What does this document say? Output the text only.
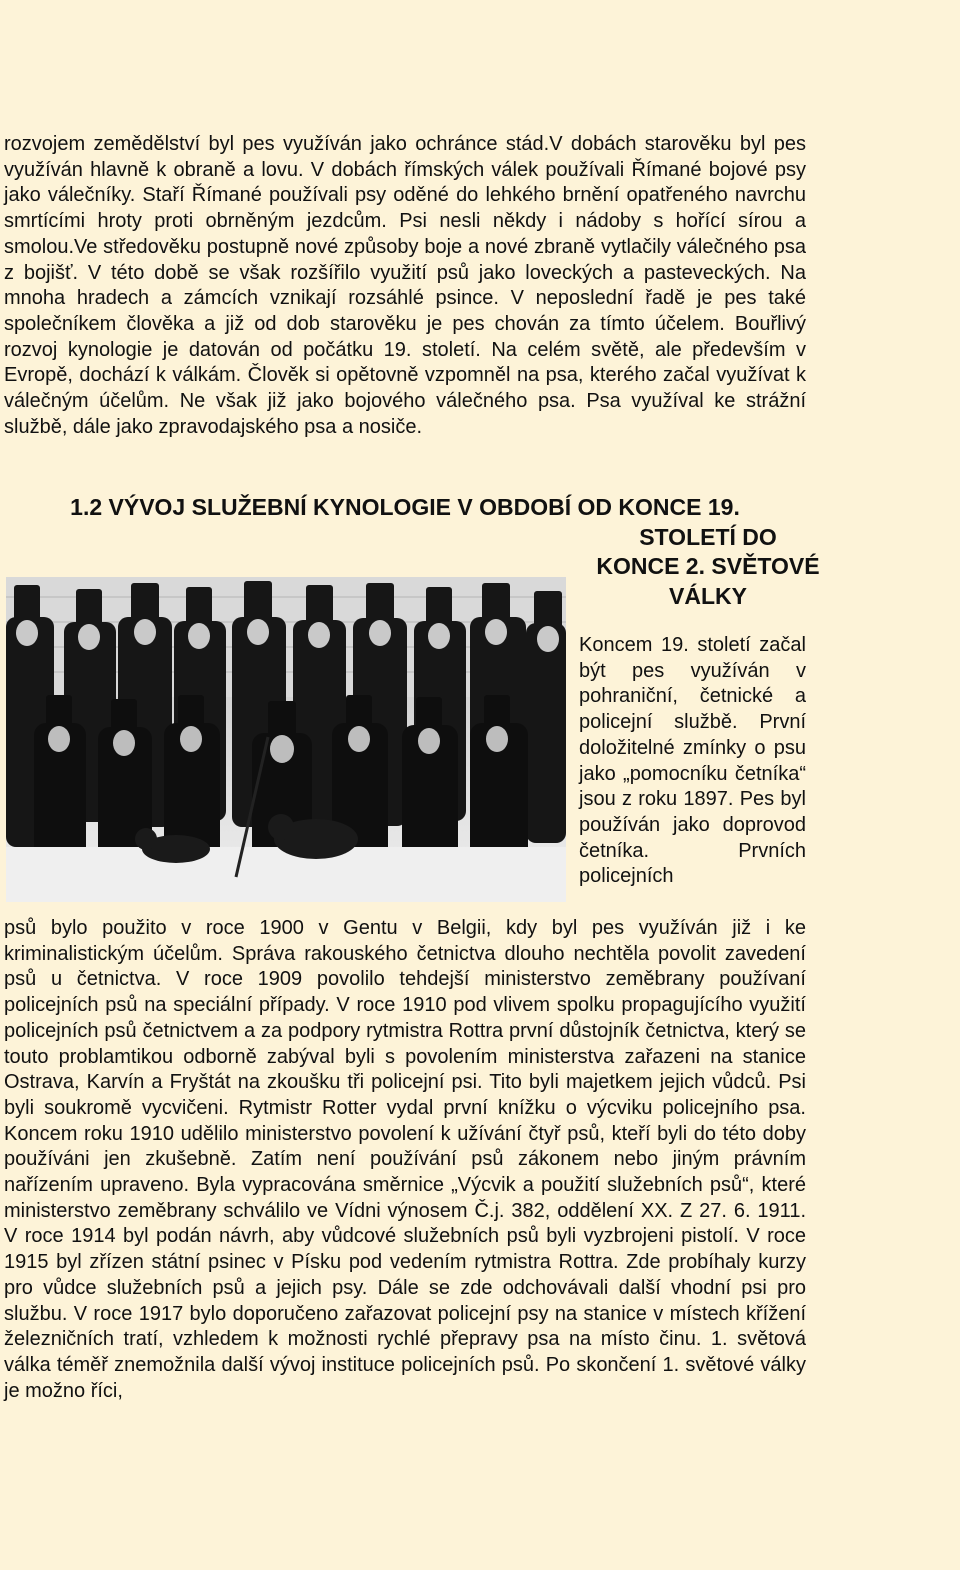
rozvojem zemědělství byl pes využíván jako ochránce stád.V dobách starověku byl pes využíván hlavně k obraně a lovu. V dobách římských válek používali Římané bojové psy jako válečníky. Staří Římané používali psy oděné do lehkého brnění opatřeného navrchu smrtícími hroty proti obrněným jezdcům. Psi nesli někdy i nádoby s hořící sírou a smolou.Ve středověku postupně nové způsoby boje a nové zbraně vytlačily válečného psa z bojišť. V této době se však rozšířilo využití psů jako loveckých a pasteveckých. Na mnoha hradech a zámcích vznikají rozsáhlé psince. V neposlední řadě je pes také společníkem člověka a již od dob starověku je pes chován za tímto účelem. Bouřlivý rozvoj kynologie je datován od počátku 19. století. Na celém světě, ale především v Evropě, dochází k válkám. Člověk si opětovně vzpomněl na psa, kterého začal využívat k válečným účelům. Ne však již jako bojového válečného psa. Psa využíval ke strážní službě, dále jako zpravodajského psa a nosiče.

1.2 VÝVOJ SLUŽEBNÍ KYNOLOGIE V OBDOBÍ OD KONCE 19.
STOLETÍ DO
KONCE 2. SVĚTOVÉ
VÁLKY

Koncem 19. století začal být pes využíván v pohraniční, četnické a policejní službě. První doložitelné zmínky o psu jako „pomocníku četníka“ jsou z roku 1897. Pes byl používán jako doprovod četníka. Prvních policejních

psů bylo použito v roce 1900 v Gentu v Belgii, kdy byl pes využíván již i ke kriminalistickým účelům. Správa rakouského četnictva dlouho nechtěla povolit zavedení psů u četnictva. V roce 1909 povolilo tehdejší ministerstvo zeměbrany používaní policejních psů na speciální případy. V roce 1910 pod vlivem spolku propagujícího využití policejních psů četnictvem a za podpory rytmistra Rottra první důstojník četnictva, který se touto problamtikou odborně zabýval byli s povolením ministerstva zařazeni na stanice Ostrava, Karvín a Fryštát na zkoušku tři policejní psi. Tito byli majetkem jejich vůdců. Psi byli soukromě vycvičeni. Rytmistr Rotter vydal první knížku o výcviku policejního psa. Koncem roku 1910 udělilo ministerstvo povolení k užívání čtyř psů, kteří byli do této doby používáni jen zkušebně. Zatím není používání psů zákonem nebo jiným právním nařízením upraveno. Byla vypracována směrnice „Výcvik a použití služebních psů“, které ministerstvo zeměbrany schválilo ve Vídni výnosem Č.j. 382, oddělení XX. Z 27. 6. 1911. V roce 1914 byl podán návrh, aby vůdcové služebních psů byli vyzbrojeni pistolí. V roce 1915 byl zřízen státní psinec v Písku pod vedením rytmistra Rottra. Zde probíhaly kurzy pro vůdce služebních psů a jejich psy. Dále se zde odchovávali další vhodní psi pro službu. V roce 1917 bylo doporučeno zařazovat policejní psy na stanice v místech křížení železničních tratí, vzhledem k možnosti rychlé přepravy psa na místo činu. 1. světová válka téměř znemožnila další vývoj instituce policejních psů. Po skončení 1. světové války je možno říci,
